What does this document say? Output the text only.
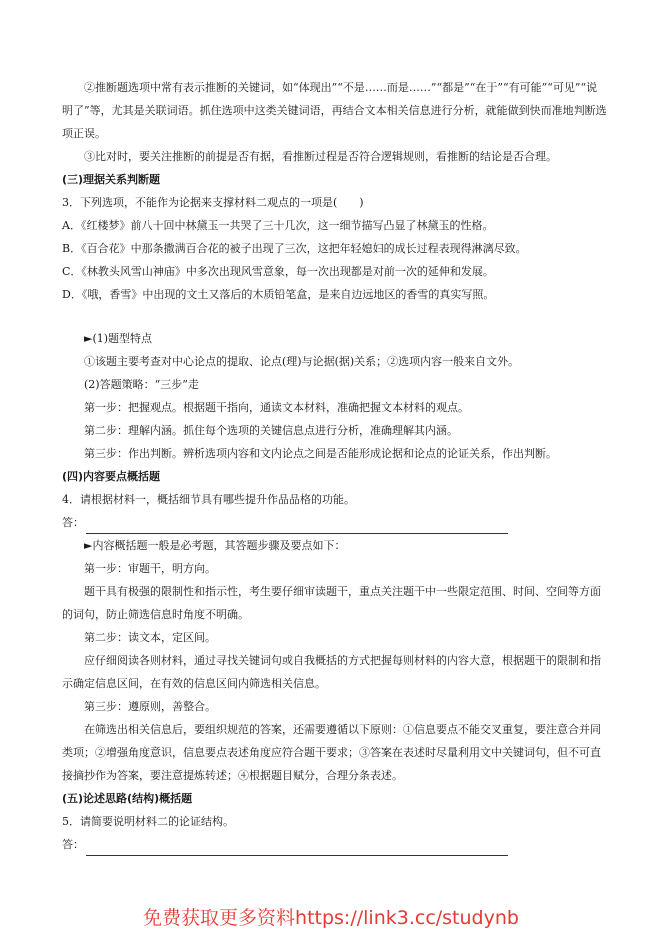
②推断题选项中常有表示推断的关键词，如“体现出”“不是……而是……”“都是”“在于”“有可能”“可见”“说明了”等，尤其是关联词语。抓住选项中这类关键词语，再结合文本相关信息进行分析，就能做到快而准地判断选项正误。

③比对时，要关注推断的前提是否有据，看推断过程是否符合逻辑规则，看推断的结论是否合理。

(三)理据关系判断题

3．下列选项，不能作为论据来支撑材料二观点的一项是(　　)

A．《红楼梦》前八十回中林黛玉一共哭了三十几次，这一细节描写凸显了林黛玉的性格。

B．《百合花》中那条撒满百合花的被子出现了三次，这把年轻媳妇的成长过程表现得淋漓尽致。

C．《林教头风雪山神庙》中多次出现风雪意象，每一次出现都是对前一次的延伸和发展。

D．《哦，香雪》中出现的文土又落后的木质铅笔盒，是来自边远地区的香雪的真实写照。

►(1)题型特点

①该题主要考查对中心论点的提取、论点(理)与论据(据)关系；②选项内容一般来自文外。

(2)答题策略：“三步”走

第一步：把握观点。根据题干指向，通读文本材料，准确把握文本材料的观点。

第二步：理解内涵。抓住每个选项的关键信息点进行分析，准确理解其内涵。

第三步：作出判断。辨析选项内容和文内论点之间是否能形成论据和论点的论证关系，作出判断。

(四)内容要点概括题

4．请根据材料一，概括细节具有哪些提升作品品格的功能。

答：

►内容概括题一般是必考题，其答题步骤及要点如下：

第一步：审题干，明方向。

题干具有极强的限制性和指示性，考生要仔细审读题干，重点关注题干中一些限定范围、时间、空间等方面的词句，防止筛选信息时角度不明确。

第二步：读文本，定区间。

应仔细阅读各则材料，通过寻找关键词句或自我概括的方式把握每则材料的内容大意，根据题干的限制和指示确定信息区间，在有效的信息区间内筛选相关信息。

第三步：遵原则，善整合。

在筛选出相关信息后，要组织规范的答案，还需要遵循以下原则：①信息要点不能交叉重复，要注意合并同类项；②增强角度意识，信息要点表述角度应符合题干要求；③答案在表述时尽量利用文中关键词句，但不可直接摘抄作为答案，要注意提炼转述；④根据题目赋分，合理分条表述。

(五)论述思路(结构)概括题

5．请简要说明材料二的论证结构。

答：

免费获取更多资料https://link3.cc/studynb
